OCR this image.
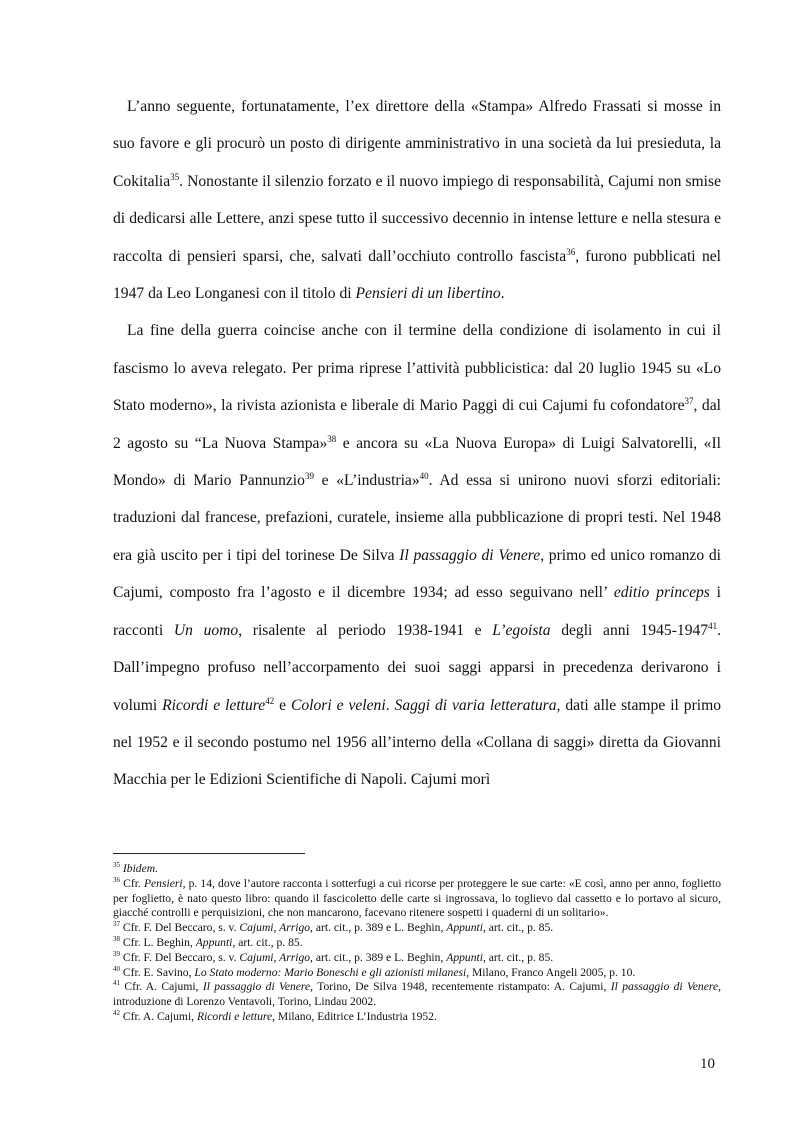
L’anno seguente, fortunatamente, l’ex direttore della «Stampa» Alfredo Frassati si mosse in suo favore e gli procurò un posto di dirigente amministrativo in una società da lui presieduta, la Cokitalia$^{35}$. Nonostante il silenzio forzato e il nuovo impiego di responsabilità, Cajumi non smise di dedicarsi alle Lettere, anzi spese tutto il successivo decennio in intense letture e nella stesura e raccolta di pensieri sparsi, che, salvati dall’occhiuto controllo fascista$^{36}$, furono pubblicati nel 1947 da Leo Longanesi con il titolo di Pensieri di un libertino.

La fine della guerra coincise anche con il termine della condizione di isolamento in cui il fascismo lo aveva relegato. Per prima riprese l’attività pubblicistica: dal 20 luglio 1945 su «Lo Stato moderno», la rivista azionista e liberale di Mario Paggi di cui Cajumi fu cofondatore$^{37}$, dal 2 agosto su “La Nuova Stampa»$^{38}$ e ancora su «La Nuova Europa» di Luigi Salvatorelli, «Il Mondo» di Mario Pannunzio$^{39}$ e «L’industria»$^{40}$. Ad essa si unirono nuovi sforzi editoriali: traduzioni dal francese, prefazioni, curatele, insieme alla pubblicazione di propri testi. Nel 1948 era già uscito per i tipi del torinese De Silva Il passaggio di Venere, primo ed unico romanzo di Cajumi, composto fra l’agosto e il dicembre 1934; ad esso seguivano nell’ editio princeps i racconti Un uomo, risalente al periodo 1938-1941 e L’egoista degli anni 1945-1947$^{41}$. Dall’impegno profuso nell’accorpamento dei suoi saggi apparsi in precedenza derivarono i volumi Ricordi e letture$^{42}$ e Colori e veleni. Saggi di varia letteratura, dati alle stampe il primo nel 1952 e il secondo postumo nel 1956 all’interno della «Collana di saggi» diretta da Giovanni Macchia per le Edizioni Scientifiche di Napoli. Cajumi morì

$^{35}$ Ibidem.

$^{36}$ Cfr. Pensieri, p. 14, dove l’autore racconta i sotterfugi a cui ricorse per proteggere le sue carte: «E così, anno per anno, foglietto per foglietto, è nato questo libro: quando il fascicoletto delle carte si ingrossava, lo toglievo dal cassetto e lo portavo al sicuro, giacché controlli e perquisizioni, che non mancarono, facevano ritenere sospetti i quaderni di un solitario».

$^{37}$ Cfr. F. Del Beccaro, s. v. Cajumi, Arrigo, art. cit., p. 389 e L. Beghin, Appunti, art. cit., p. 85.

$^{38}$ Cfr. L. Beghin, Appunti, art. cit., p. 85.

$^{39}$ Cfr. F. Del Beccaro, s. v. Cajumi, Arrigo, art. cit., p. 389 e L. Beghin, Appunti, art. cit., p. 85.

$^{40}$ Cfr. E. Savino, Lo Stato moderno: Mario Boneschi e gli azionisti milanesi, Milano, Franco Angeli 2005, p. 10.

$^{41}$ Cfr. A. Cajumi, Il passaggio di Venere, Torino, De Silva 1948, recentemente ristampato: A. Cajumi, Il passaggio di Venere, introduzione di Lorenzo Ventavoli, Torino, Lindau 2002.

$^{42}$ Cfr. A. Cajumi, Ricordi e letture, Milano, Editrice L’Industria 1952.

10
